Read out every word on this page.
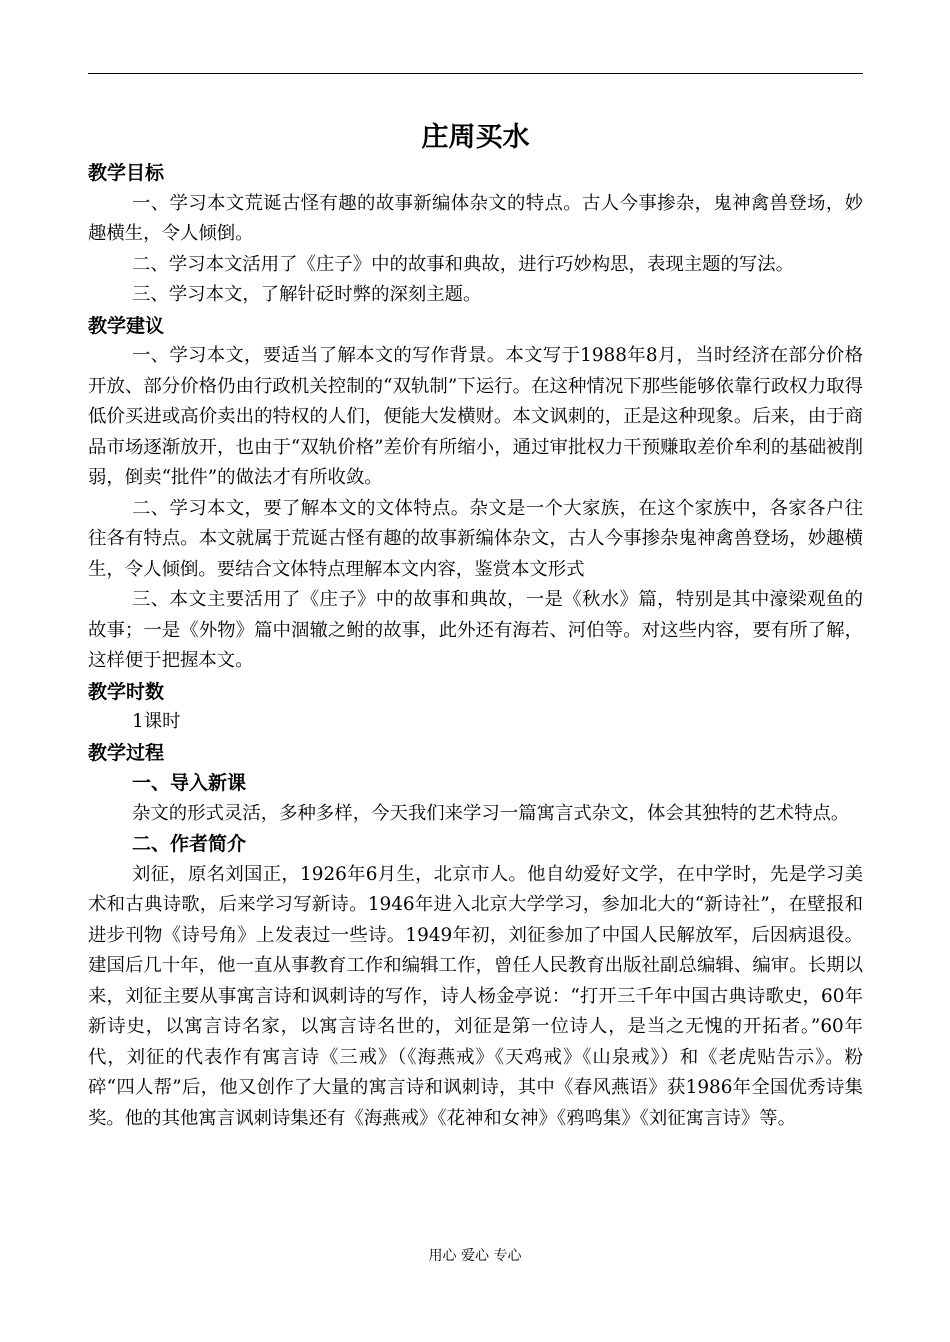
庄周买水
教学目标

一、学习本文荒诞古怪有趣的故事新编体杂文的特点。古人今事掺杂，鬼神禽兽登场，妙趣横生，令人倾倒。

二、学习本文活用了《庄子》中的故事和典故，进行巧妙构思，表现主题的写法。

三、学习本文，了解针砭时弊的深刻主题。

教学建议

一、学习本文，要适当了解本文的写作背景。本文写于1988年8月，当时经济在部分价格开放、部分价格仍由行政机关控制的“双轨制”下运行。在这种情况下那些能够依靠行政权力取得低价买进或高价卖出的特权的人们，便能大发横财。本文讽刺的，正是这种现象。后来，由于商品市场逐渐放开，也由于“双轨价格”差价有所缩小，通过审批权力干预赚取差价牟利的基础被削弱，倒卖“批件”的做法才有所收敛。

二、学习本文，要了解本文的文体特点。杂文是一个大家族，在这个家族中，各家各户往往各有特点。本文就属于荒诞古怪有趣的故事新编体杂文，古人今事掺杂鬼神禽兽登场，妙趣横生，令人倾倒。要结合文体特点理解本文内容，鉴赏本文形式

三、本文主要活用了《庄子》中的故事和典故，一是《秋水》篇，特别是其中濠梁观鱼的故事；一是《外物》篇中涸辙之鲋的故事，此外还有海若、河伯等。对这些内容，要有所了解，这样便于把握本文。

教学时数

1课时

教学过程
一、导入新课

杂文的形式灵活，多种多样，今天我们来学习一篇寓言式杂文，体会其独特的艺术特点。

二、作者简介

刘征，原名刘国正，1926年6月生，北京市人。他自幼爱好文学，在中学时，先是学习美术和古典诗歌，后来学习写新诗。1946年进入北京大学学习，参加北大的“新诗社”，在壁报和进步刊物《诗号角》上发表过一些诗。1949年初，刘征参加了中国人民解放军，后因病退役。建国后几十年，他一直从事教育工作和编辑工作，曾任人民教育出版社副总编辑、编审。长期以来，刘征主要从事寓言诗和讽刺诗的写作，诗人杨金亭说：“打开三千年中国古典诗歌史，60年新诗史，以寓言诗名家，以寓言诗名世的，刘征是第一位诗人，是当之无愧的开拓者。”60年代，刘征的代表作有寓言诗《三戒》（《海燕戒》《天鸡戒》《山泉戒》）和《老虎贴告示》。粉碎“四人帮”后，他又创作了大量的寓言诗和讽刺诗，其中《春风燕语》获1986年全国优秀诗集奖。他的其他寓言讽刺诗集还有《海燕戒》《花神和女神》《鸦鸣集》《刘征寓言诗》等。

用心 爱心 专心
